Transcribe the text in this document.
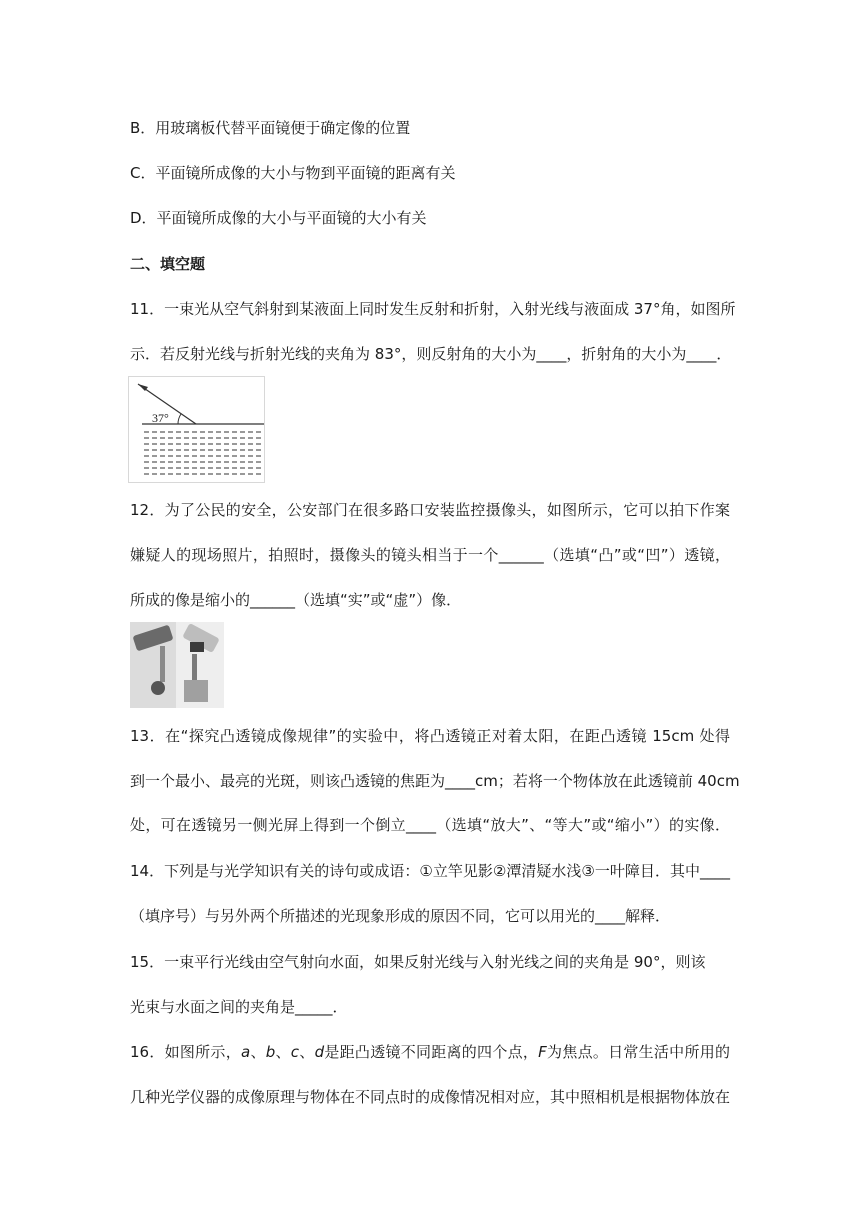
B．用玻璃板代替平面镜便于确定像的位置
C．平面镜所成像的大小与物到平面镜的距离有关
D．平面镜所成像的大小与平面镜的大小有关
二、填空题
11．一束光从空气斜射到某液面上同时发生反射和折射，入射光线与液面成 37°角，如图所
示．若反射光线与折射光线的夹角为 83°，则反射角的大小为____，折射角的大小为____．
37°
12．为了公民的安全，公安部门在很多路口安装监控摄像头，如图所示，它可以拍下作案
嫌疑人的现场照片，拍照时，摄像头的镜头相当于一个______（选填“凸”或“凹”）透镜，
所成的像是缩小的______（选填“实”或“虚”）像．
13．在“探究凸透镜成像规律”的实验中，将凸透镜正对着太阳，在距凸透镜 15cm 处得
到一个最小、最亮的光斑，则该凸透镜的焦距为____cm；若将一个物体放在此透镜前 40cm
处，可在透镜另一侧光屏上得到一个倒立____（选填“放大”、“等大”或“缩小”）的实像．
14．下列是与光学知识有关的诗句或成语：①立竿见影②潭清疑水浅③一叶障目．其中____
（填序号）与另外两个所描述的光现象形成的原因不同，它可以用光的____解释．
15．一束平行光线由空气射向水面，如果反射光线与入射光线之间的夹角是 90°，则该
光束与水面之间的夹角是_____．
16．如图所示，a、b、c、d是距凸透镜不同距离的四个点，F为焦点。日常生活中所用的
几种光学仪器的成像原理与物体在不同点时的成像情况相对应，其中照相机是根据物体放在
